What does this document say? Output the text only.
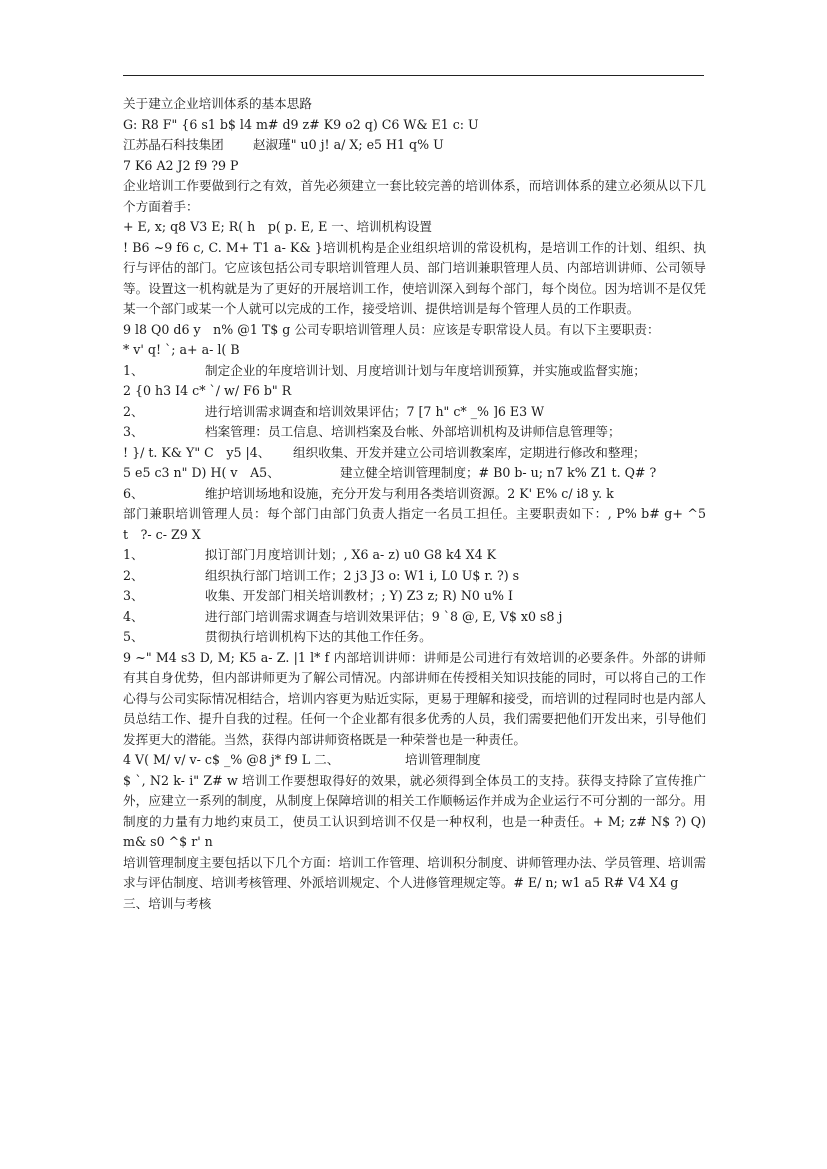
关于建立企业培训体系的基本思路

G: R8 F" {6 s1 b$ l4 m# d9 z# K9 o2 q) C6 W& E1 c: U

江苏晶石科技集团　　 赵淑瑾" u0 j! a/ X; e5 H1 q% U

7 K6 A2 J2 f9 ?9 P

企业培训工作要做到行之有效，首先必须建立一套比较完善的培训体系，而培训体系的建立必须从以下几个方面着手：

+ E, x; q8 V3 E; R( h　p( p. E, E 一、培训机构设置

! B6 ~9 f6 c, C. M+ T1 a- K& }培训机构是企业组织培训的常设机构，是培训工作的计划、组织、执行与评估的部门。它应该包括公司专职培训管理人员、部门培训兼职管理人员、内部培训讲师、公司领导等。设置这一机构就是为了更好的开展培训工作，使培训深入到每个部门，每个岗位。因为培训不是仅凭某一个部门或某一个人就可以完成的工作，接受培训、提供培训是每个管理人员的工作职责。

9 l8 Q0 d6 y　n% @1 T$ g 公司专职培训管理人员：应该是专职常设人员。有以下主要职责：

* v' q! `; a+ a- l( B

1、	制定企业的年度培训计划、月度培训计划与年度培训预算，并实施或监督实施；

2 {0 h3 I4 c* `/ w/ F6 b" R

2、	进行培训需求调查和培训效果评估；7 [7 h" c* _% ]6 E3 W
3、	档案管理：员工信息、培训档案及台帐、外部培训机构及讲师信息管理等；
! }/ t. K& Y" C　y5 |4、	组织收集、开发并建立公司培训教案库，定期进行修改和整理；
5 e5 c3 n" D) H( v　A5、	建立健全培训管理制度；# B0 b- u; n7 k% Z1 t. Q# ?
6、	维护培训场地和设施，充分开发与利用各类培训资源。2 K' E% c/ i8 y. k

部门兼职培训管理人员：每个部门由部门负责人指定一名员工担任。主要职责如下：, P% b# g+ ^5 t　?- c- Z9 X

1、	拟订部门月度培训计划；, X6 a- z) u0 G8 k4 X4 K
2、	组织执行部门培训工作；2 j3 J3 o: W1 i, L0 U$ r. ?) s
3、	收集、开发部门相关培训教材；; Y) Z3 z; R) N0 u% I
4、	进行部门培训需求调查与培训效果评估；9 `8 @, E, V$ x0 s8 j
5、	贯彻执行培训机构下达的其他工作任务。

9 ~" M4 s3 D, M; K5 a- Z. |1 l* f 内部培训讲师：讲师是公司进行有效培训的必要条件。外部的讲师有其自身优势，但内部讲师更为了解公司情况。内部讲师在传授相关知识技能的同时，可以将自己的工作心得与公司实际情况相结合，培训内容更为贴近实际，更易于理解和接受，而培训的过程同时也是内部人员总结工作、提升自我的过程。任何一个企业都有很多优秀的人员，我们需要把他们开发出来，引导他们发挥更大的潜能。当然，获得内部讲师资格既是一种荣誉也是一种责任。

4 V( M/ v/ v- c$ _% @8 j* f9 L 二、	培训管理制度

$ `, N2 k- i" Z# w 培训工作要想取得好的效果，就必须得到全体员工的支持。获得支持除了宣传推广外，应建立一系列的制度，从制度上保障培训的相关工作顺畅运作并成为企业运行不可分割的一部分。用制度的力量有力地约束员工，使员工认识到培训不仅是一种权利，也是一种责任。+ M; z# N$ ?) Q) m& s0 ^$ r' n

培训管理制度主要包括以下几个方面：培训工作管理、培训积分制度、讲师管理办法、学员管理、培训需求与评估制度、培训考核管理、外派培训规定、个人进修管理规定等。# E/ n; w1 a5 R# V4 X4 g

三、培训与考核
